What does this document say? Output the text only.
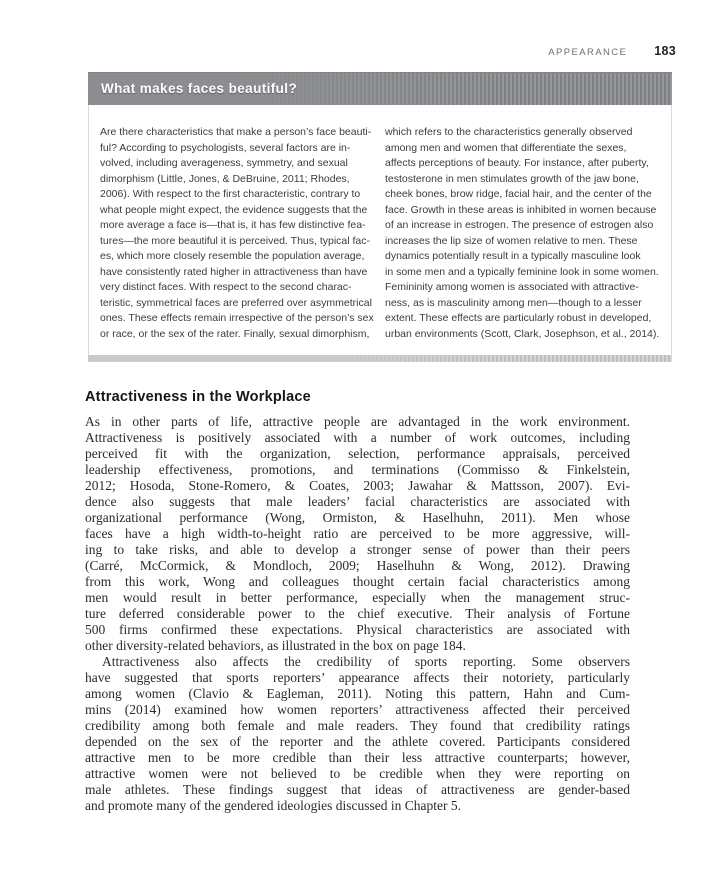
APPEARANCE 183
What makes faces beautiful?
Are there characteristics that make a person’s face beauti-
ful? According to psychologists, several factors are in-
volved, including averageness, symmetry, and sexual
dimorphism (Little, Jones, & DeBruine, 2011; Rhodes,
2006). With respect to the first characteristic, contrary to
what people might expect, the evidence suggests that the
more average a face is—that is, it has few distinctive fea-
tures—the more beautiful it is perceived. Thus, typical fac-
es, which more closely resemble the population average,
have consistently rated higher in attractiveness than have
very distinct faces. With respect to the second charac-
teristic, symmetrical faces are preferred over asymmetrical
ones. These effects remain irrespective of the person’s sex
or race, or the sex of the rater. Finally, sexual dimorphism,
which refers to the characteristics generally observed
among men and women that differentiate the sexes,
affects perceptions of beauty. For instance, after puberty,
testosterone in men stimulates growth of the jaw bone,
cheek bones, brow ridge, facial hair, and the center of the
face. Growth in these areas is inhibited in women because
of an increase in estrogen. The presence of estrogen also
increases the lip size of women relative to men. These
dynamics potentially result in a typically masculine look
in some men and a typically feminine look in some women.
Femininity among women is associated with attractive-
ness, as is masculinity among men—though to a lesser
extent. These effects are particularly robust in developed,
urban environments (Scott, Clark, Josephson, et al., 2014).
Attractiveness in the Workplace
As in other parts of life, attractive people are advantaged in the work environment.
Attractiveness is positively associated with a number of work outcomes, including
perceived fit with the organization, selection, performance appraisals, perceived
leadership effectiveness, promotions, and terminations (Commisso & Finkelstein,
2012; Hosoda, Stone-Romero, & Coates, 2003; Jawahar & Mattsson, 2007). Evi-
dence also suggests that male leaders’ facial characteristics are associated with
organizational performance (Wong, Ormiston, & Haselhuhn, 2011). Men whose
faces have a high width-to-height ratio are perceived to be more aggressive, will-
ing to take risks, and able to develop a stronger sense of power than their peers
(Carré, McCormick, & Mondloch, 2009; Haselhuhn & Wong, 2012). Drawing
from this work, Wong and colleagues thought certain facial characteristics among
men would result in better performance, especially when the management struc-
ture deferred considerable power to the chief executive. Their analysis of Fortune
500 firms confirmed these expectations. Physical characteristics are associated with
other diversity-related behaviors, as illustrated in the box on page 184.
Attractiveness also affects the credibility of sports reporting. Some observers
have suggested that sports reporters’ appearance affects their notoriety, particularly
among women (Clavio & Eagleman, 2011). Noting this pattern, Hahn and Cum-
mins (2014) examined how women reporters’ attractiveness affected their perceived
credibility among both female and male readers. They found that credibility ratings
depended on the sex of the reporter and the athlete covered. Participants considered
attractive men to be more credible than their less attractive counterparts; however,
attractive women were not believed to be credible when they were reporting on
male athletes. These findings suggest that ideas of attractiveness are gender-based
and promote many of the gendered ideologies discussed in Chapter 5.
